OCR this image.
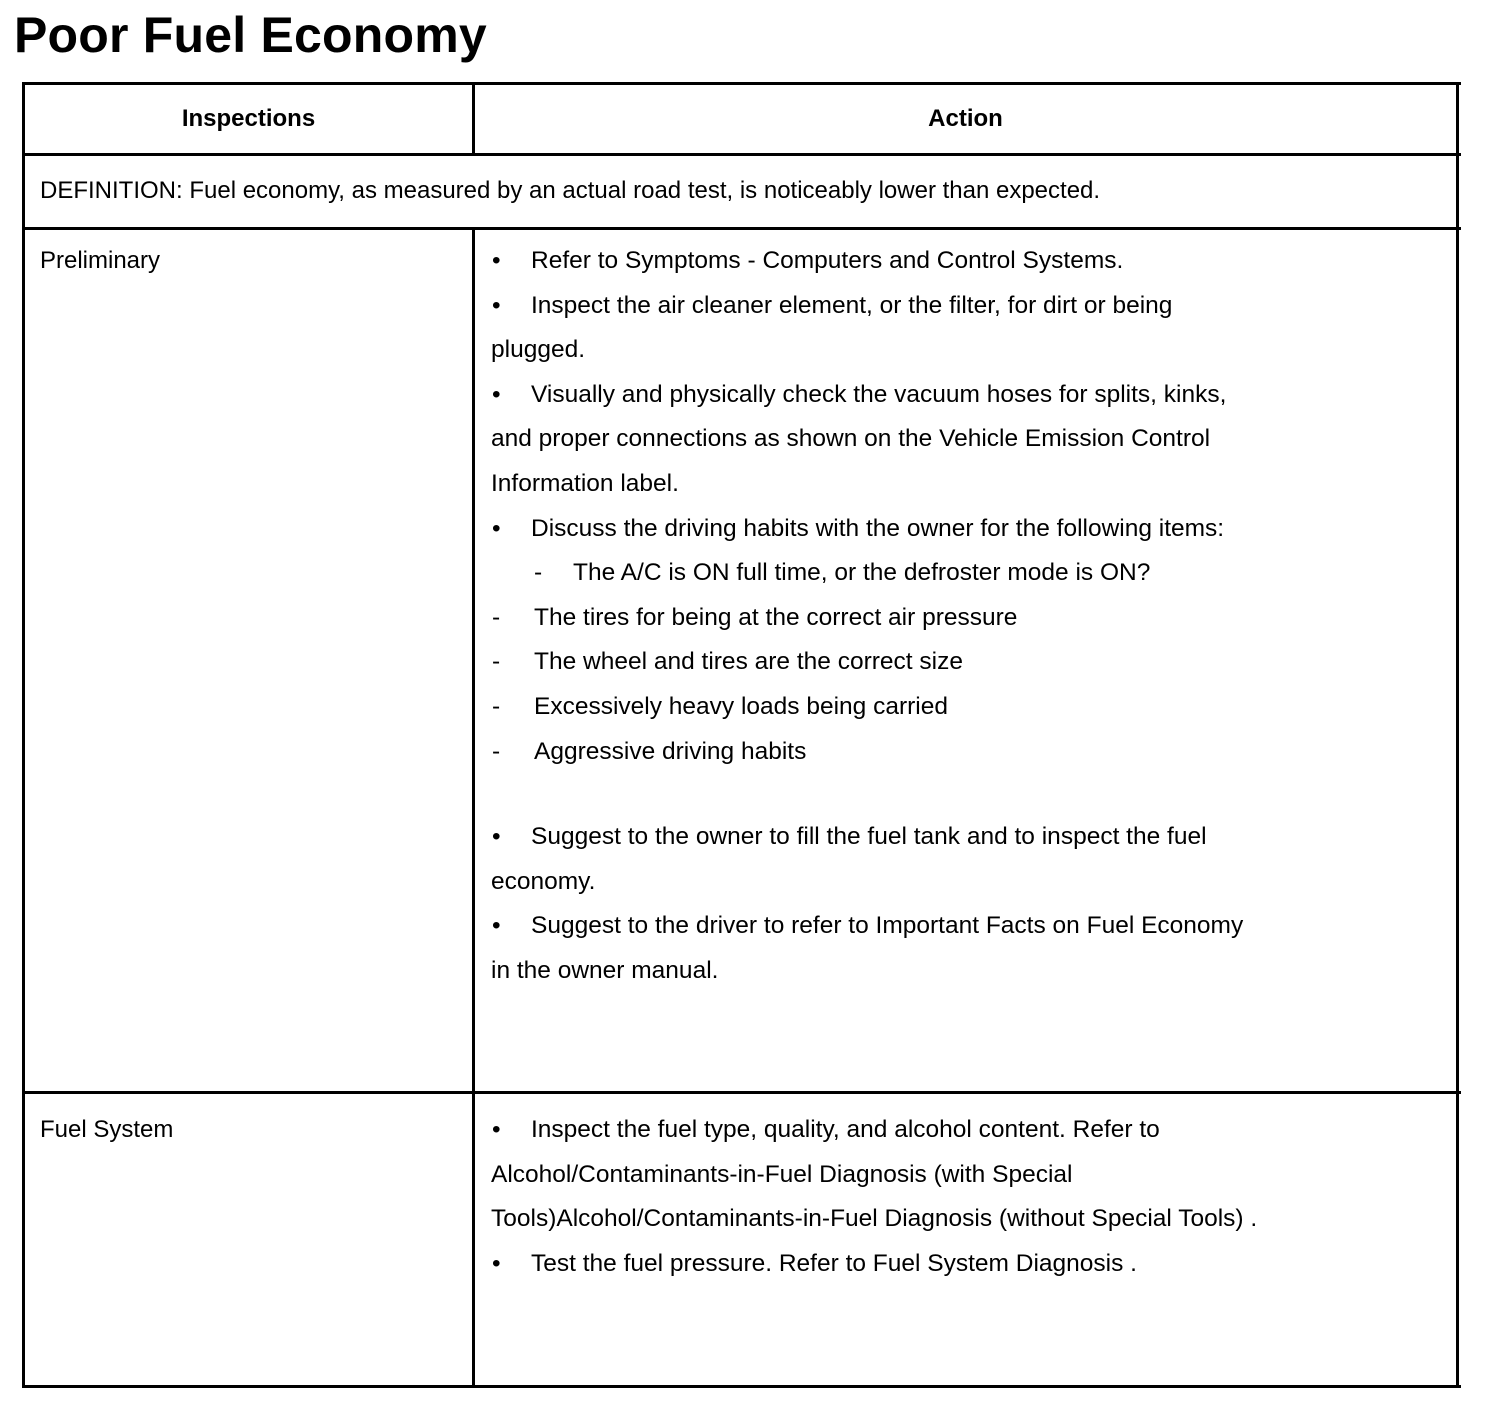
Poor Fuel Economy
Inspections	Action
DEFINITION: Fuel economy, as measured by an actual road test, is noticeably lower than expected.
Preliminary	• Refer to Symptoms - Computers and Control Systems.
• Inspect the air cleaner element, or the filter, for dirt or being
plugged.
• Visually and physically check the vacuum hoses for splits, kinks,
and proper connections as shown on the Vehicle Emission Control
Information label.
• Discuss the driving habits with the owner for the following items:
- The A/C is ON full time, or the defroster mode is ON?
- The tires for being at the correct air pressure
- The wheel and tires are the correct size
- Excessively heavy loads being carried
- Aggressive driving habits
• Suggest to the owner to fill the fuel tank and to inspect the fuel
economy.
• Suggest to the driver to refer to Important Facts on Fuel Economy
in the owner manual.
Fuel System	• Inspect the fuel type, quality, and alcohol content. Refer to
Alcohol/Contaminants-in-Fuel Diagnosis (with Special
Tools)Alcohol/Contaminants-in-Fuel Diagnosis (without Special Tools) .
• Test the fuel pressure. Refer to Fuel System Diagnosis .
